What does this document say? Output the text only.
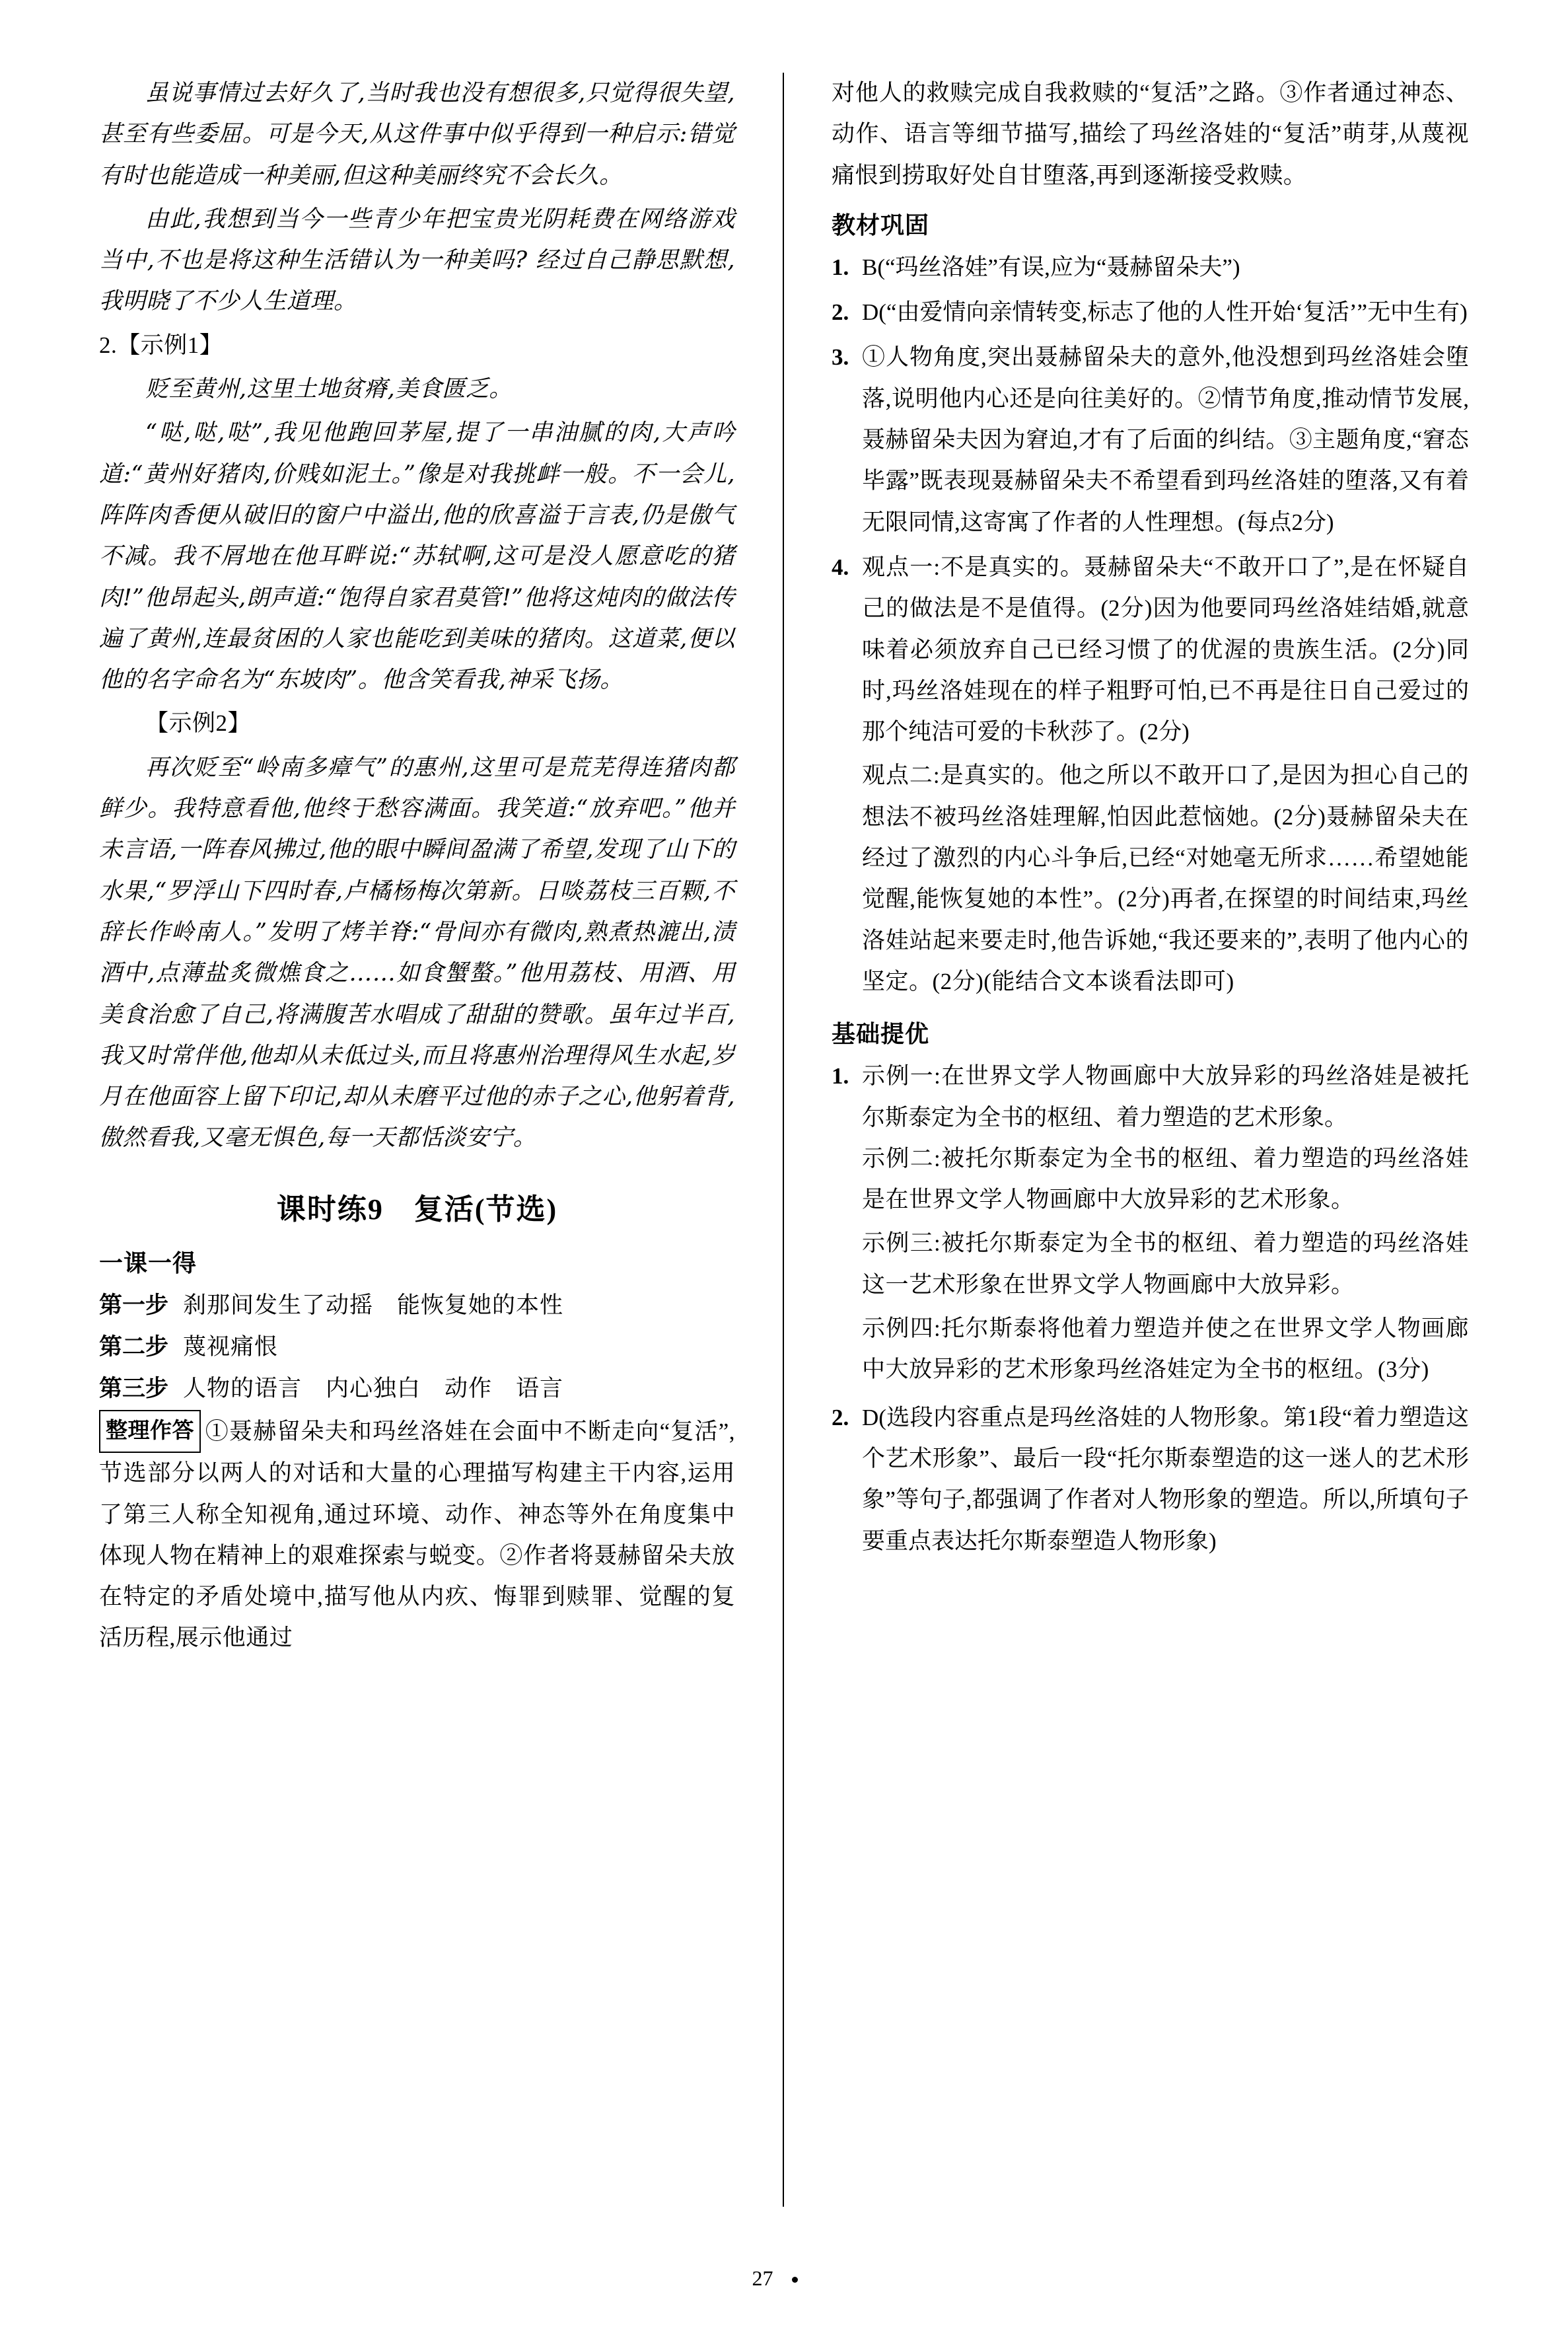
虽说事情过去好久了,当时我也没有想很多,只觉得很失望,甚至有些委屈。可是今天,从这件事中似乎得到一种启示:错觉有时也能造成一种美丽,但这种美丽终究不会长久。

由此,我想到当今一些青少年把宝贵光阴耗费在网络游戏当中,不也是将这种生活错认为一种美吗? 经过自己静思默想,我明晓了不少人生道理。

2.【示例1】

贬至黄州,这里土地贫瘠,美食匮乏。

“哒,哒,哒”,我见他跑回茅屋,提了一串油腻的肉,大声吟道:“黄州好猪肉,价贱如泥土。”像是对我挑衅一般。不一会儿,阵阵肉香便从破旧的窗户中溢出,他的欣喜溢于言表,仍是傲气不减。我不屑地在他耳畔说:“苏轼啊,这可是没人愿意吃的猪肉!”他昂起头,朗声道:“饱得自家君莫管!”他将这炖肉的做法传遍了黄州,连最贫困的人家也能吃到美味的猪肉。这道菜,便以他的名字命名为“东坡肉”。他含笑看我,神采飞扬。

【示例2】

再次贬至“岭南多瘴气”的惠州,这里可是荒芜得连猪肉都鲜少。我特意看他,他终于愁容满面。我笑道:“放弃吧。”他并未言语,一阵春风拂过,他的眼中瞬间盈满了希望,发现了山下的水果,“罗浮山下四时春,卢橘杨梅次第新。日啖荔枝三百颗,不辞长作岭南人。”发明了烤羊脊:“骨间亦有微肉,熟煮热漉出,渍酒中,点薄盐炙微燋食之……如食蟹螯。”他用荔枝、用酒、用美食治愈了自己,将满腹苦水唱成了甜甜的赞歌。虽年过半百,我又时常伴他,他却从未低过头,而且将惠州治理得风生水起,岁月在他面容上留下印记,却从未磨平过他的赤子之心,他躬着背,傲然看我,又毫无惧色,每一天都恬淡安宁。

课时练9　复活(节选)
一课一得
第一步 刹那间发生了动摇　能恢复她的本性
第二步 蔑视痛恨
第三步 人物的语言　内心独白　动作　语言

整理作答 ①聂赫留朵夫和玛丝洛娃在会面中不断走向“复活”,节选部分以两人的对话和大量的心理描写构建主干内容,运用了第三人称全知视角,通过环境、动作、神态等外在角度集中体现人物在精神上的艰难探索与蜕变。②作者将聂赫留朵夫放在特定的矛盾处境中,描写他从内疚、悔罪到赎罪、觉醒的复活历程,展示他通过

对他人的救赎完成自我救赎的“复活”之路。③作者通过神态、动作、语言等细节描写,描绘了玛丝洛娃的“复活”萌芽,从蔑视痛恨到捞取好处自甘堕落,再到逐渐接受救赎。

教材巩固
1. B(“玛丝洛娃”有误,应为“聂赫留朵夫”)
2. D(“由爱情向亲情转变,标志了他的人性开始‘复活’”无中生有)
3. ①人物角度,突出聂赫留朵夫的意外,他没想到玛丝洛娃会堕落,说明他内心还是向往美好的。②情节角度,推动情节发展,聂赫留朵夫因为窘迫,才有了后面的纠结。③主题角度,“窘态毕露”既表现聂赫留朵夫不希望看到玛丝洛娃的堕落,又有着无限同情,这寄寓了作者的人性理想。(每点2分)
4. 观点一:不是真实的。聂赫留朵夫“不敢开口了”,是在怀疑自己的做法是不是值得。(2分)因为他要同玛丝洛娃结婚,就意味着必须放弃自己已经习惯了的优渥的贵族生活。(2分)同时,玛丝洛娃现在的样子粗野可怕,已不再是往日自己爱过的那个纯洁可爱的卡秋莎了。(2分)
观点二:是真实的。他之所以不敢开口了,是因为担心自己的想法不被玛丝洛娃理解,怕因此惹恼她。(2分)聂赫留朵夫在经过了激烈的内心斗争后,已经“对她毫无所求……希望她能觉醒,能恢复她的本性”。(2分)再者,在探望的时间结束,玛丝洛娃站起来要走时,他告诉她,“我还要来的”,表明了他内心的坚定。(2分)(能结合文本谈看法即可)
基础提优
1. 示例一:在世界文学人物画廊中大放异彩的玛丝洛娃是被托尔斯泰定为全书的枢纽、着力塑造的艺术形象。
示例二:被托尔斯泰定为全书的枢纽、着力塑造的玛丝洛娃是在世界文学人物画廊中大放异彩的艺术形象。
示例三:被托尔斯泰定为全书的枢纽、着力塑造的玛丝洛娃这一艺术形象在世界文学人物画廊中大放异彩。
示例四:托尔斯泰将他着力塑造并使之在世界文学人物画廊中大放异彩的艺术形象玛丝洛娃定为全书的枢纽。(3分)
2. D(选段内容重点是玛丝洛娃的人物形象。第1段“着力塑造这个艺术形象”、最后一段“托尔斯泰塑造的这一迷人的艺术形象”等句子,都强调了作者对人物形象的塑造。所以,所填句子要重点表达托尔斯泰塑造人物形象)
27
